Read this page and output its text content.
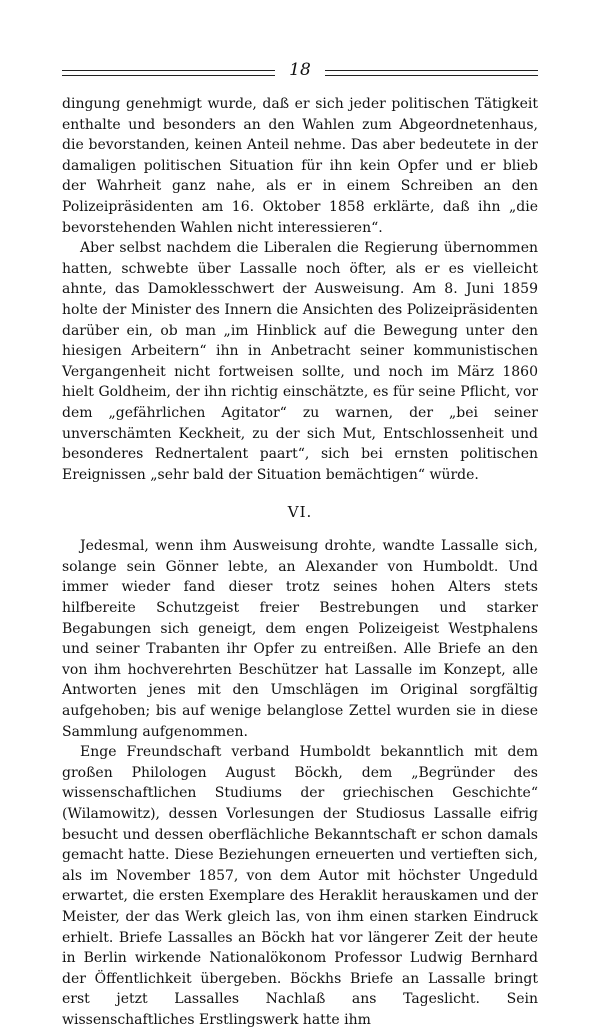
18

dingung genehmigt wurde, daß er sich jeder politischen Tätigkeit enthalte und besonders an den Wahlen zum Abgeordnetenhaus, die bevorstanden, keinen Anteil nehme. Das aber bedeutete in der damaligen politischen Situation für ihn kein Opfer und er blieb der Wahrheit ganz nahe, als er in einem Schreiben an den Polizeipräsidenten am 16. Oktober 1858 erklärte, daß ihn „die bevorstehenden Wahlen nicht interessieren“.

Aber selbst nachdem die Liberalen die Regierung übernommen hatten, schwebte über Lassalle noch öfter, als er es vielleicht ahnte, das Damoklesschwert der Ausweisung. Am 8. Juni 1859 holte der Minister des Innern die Ansichten des Polizeipräsidenten darüber ein, ob man „im Hinblick auf die Bewegung unter den hiesigen Arbeitern“ ihn in Anbetracht seiner kommunistischen Vergangenheit nicht fortweisen sollte, und noch im März 1860 hielt Goldheim, der ihn richtig einschätzte, es für seine Pflicht, vor dem „gefährlichen Agitator“ zu warnen, der „bei seiner unverschämten Keckheit, zu der sich Mut, Entschlossenheit und besonderes Rednertalent paart“, sich bei ernsten politischen Ereignissen „sehr bald der Situation bemächtigen“ würde.

VI.

Jedesmal, wenn ihm Ausweisung drohte, wandte Lassalle sich, solange sein Gönner lebte, an Alexander von Humboldt. Und immer wieder fand dieser trotz seines hohen Alters stets hilfbereite Schutzgeist freier Bestrebungen und starker Begabungen sich geneigt, dem engen Polizeigeist Westphalens und seiner Trabanten ihr Opfer zu entreißen. Alle Briefe an den von ihm hochverehrten Beschützer hat Lassalle im Konzept, alle Antworten jenes mit den Umschlägen im Original sorgfältig aufgehoben; bis auf wenige belanglose Zettel wurden sie in diese Sammlung aufgenommen.

Enge Freundschaft verband Humboldt bekanntlich mit dem großen Philologen August Böckh, dem „Begründer des wissenschaftlichen Studiums der griechischen Geschichte“ (Wilamowitz), dessen Vorlesungen der Studiosus Lassalle eifrig besucht und dessen oberflächliche Bekanntschaft er schon damals gemacht hatte. Diese Beziehungen erneuerten und vertieften sich, als im November 1857, von dem Autor mit höchster Ungeduld erwartet, die ersten Exemplare des Heraklit herauskamen und der Meister, der das Werk gleich las, von ihm einen starken Eindruck erhielt. Briefe Lassalles an Böckh hat vor längerer Zeit der heute in Berlin wirkende Nationalökonom Professor Ludwig Bernhard der Öffentlichkeit übergeben. Böckhs Briefe an Lassalle bringt erst jetzt Lassalles Nachlaß ans Tageslicht. Sein wissenschaftliches Erstlingswerk hatte ihm
